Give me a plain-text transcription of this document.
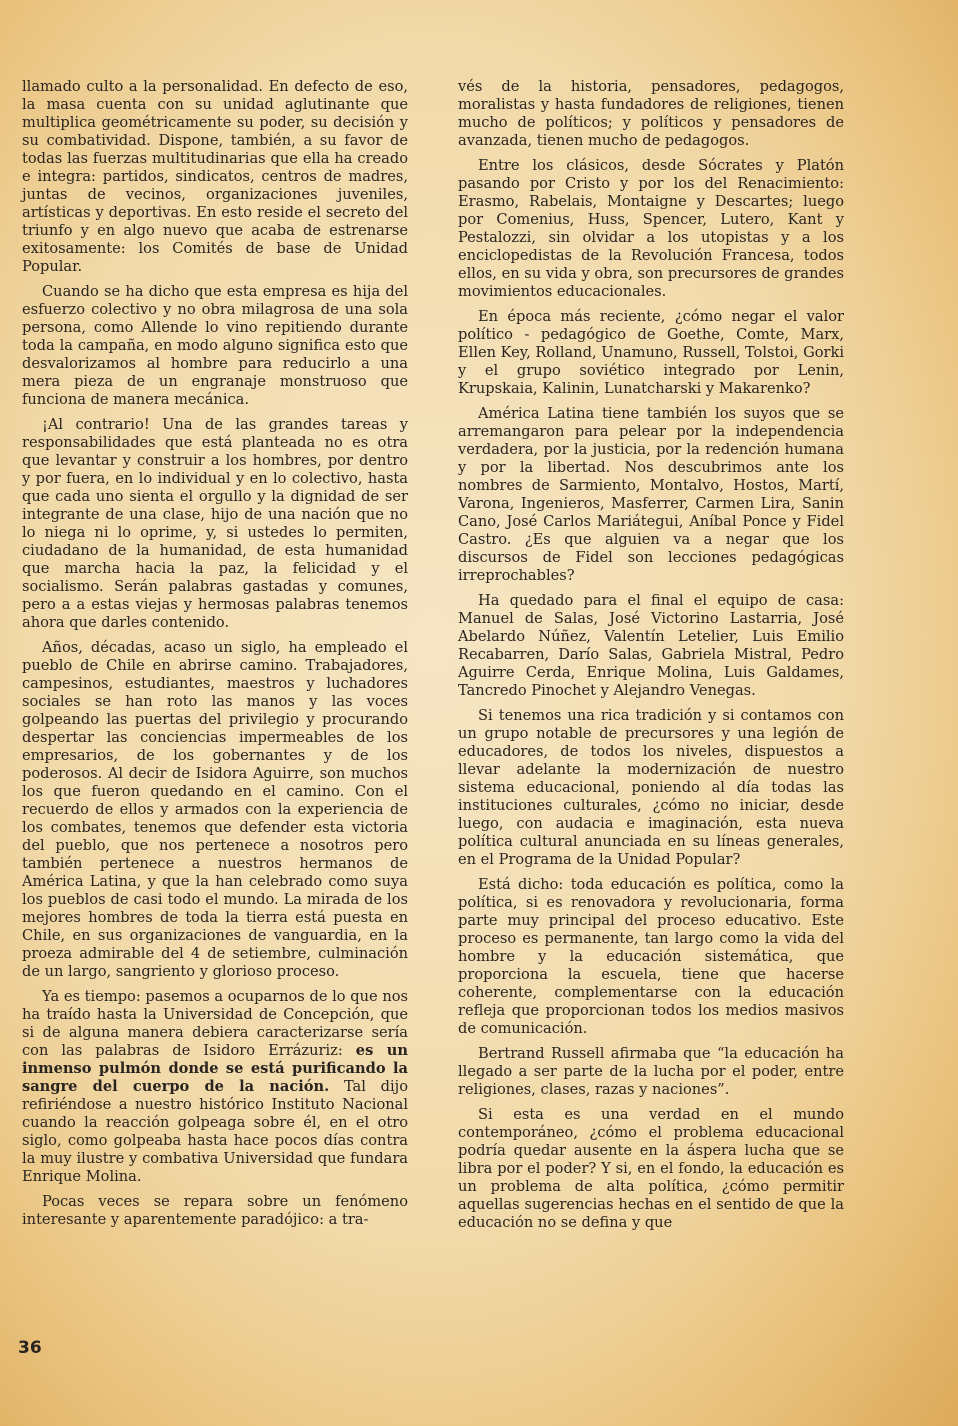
llamado culto a la personalidad. En defecto de eso, la masa cuenta con su unidad aglutinante que multiplica geométricamente su poder, su decisión y su combatividad. Dispone, también, a su favor de todas las fuerzas multitudinarias que ella ha creado e integra: partidos, sindicatos, centros de madres, juntas de vecinos, organizaciones juveniles, artísticas y deportivas. En esto reside el secreto del triunfo y en algo nuevo que acaba de estrenarse exitosamente: los Comités de base de Unidad Popular.

Cuando se ha dicho que esta empresa es hija del esfuerzo colectivo y no obra milagrosa de una sola persona, como Allende lo vino repitiendo durante toda la campaña, en modo alguno significa esto que desvalorizamos al hombre para reducirlo a una mera pieza de un engranaje monstruoso que funciona de manera mecánica.

¡Al contrario! Una de las grandes tareas y responsabilidades que está planteada no es otra que levantar y construir a los hombres, por dentro y por fuera, en lo individual y en lo colectivo, hasta que cada uno sienta el orgullo y la dignidad de ser integrante de una clase, hijo de una nación que no lo niega ni lo oprime, y, si ustedes lo permiten, ciudadano de la humanidad, de esta humanidad que marcha hacia la paz, la felicidad y el socialismo. Serán palabras gastadas y comunes, pero a a estas viejas y hermosas palabras tenemos ahora que darles contenido.

Años, décadas, acaso un siglo, ha empleado el pueblo de Chile en abrirse camino. Trabajadores, campesinos, estudiantes, maestros y luchadores sociales se han roto las manos y las voces golpeando las puertas del privilegio y procurando despertar las conciencias impermeables de los empresarios, de los gobernantes y de los poderosos. Al decir de Isidora Aguirre, son muchos los que fueron quedando en el camino. Con el recuerdo de ellos y armados con la experiencia de los combates, tenemos que defender esta victoria del pueblo, que nos pertenece a nosotros pero también pertenece a nuestros hermanos de América Latina, y que la han celebrado como suya los pueblos de casi todo el mundo. La mirada de los mejores hombres de toda la tierra está puesta en Chile, en sus organizaciones de vanguardia, en la proeza admirable del 4 de setiembre, culminación de un largo, sangriento y glorioso proceso.

Ya es tiempo: pasemos a ocuparnos de lo que nos ha traído hasta la Universidad de Concepción, que si de alguna manera debiera caracterizarse sería con las palabras de Isidoro Errázuriz: es un inmenso pulmón donde se está purificando la sangre del cuerpo de la nación. Tal dijo refiriéndose a nuestro histórico Instituto Nacional cuando la reacción golpeaga sobre él, en el otro siglo, como golpeaba hasta hace pocos días contra la muy ilustre y combativa Universidad que fundara Enrique Molina.

Pocas veces se repara sobre un fenómeno interesante y aparentemente paradójico: a tra-

vés de la historia, pensadores, pedagogos, moralistas y hasta fundadores de religiones, tienen mucho de políticos; y políticos y pensadores de avanzada, tienen mucho de pedagogos.

Entre los clásicos, desde Sócrates y Platón pasando por Cristo y por los del Renacimiento: Erasmo, Rabelais, Montaigne y Descartes; luego por Comenius, Huss, Spencer, Lutero, Kant y Pestalozzi, sin olvidar a los utopistas y a los enciclopedistas de la Revolución Francesa, todos ellos, en su vida y obra, son precursores de grandes movimientos educacionales.

En época más reciente, ¿cómo negar el valor político - pedagógico de Goethe, Comte, Marx, Ellen Key, Rolland, Unamuno, Russell, Tolstoi, Gorki y el grupo soviético integrado por Lenin, Krupskaia, Kalinin, Lunatcharski y Makarenko?

América Latina tiene también los suyos que se arremangaron para pelear por la independencia verdadera, por la justicia, por la redención humana y por la libertad. Nos descubrimos ante los nombres de Sarmiento, Montalvo, Hostos, Martí, Varona, Ingenieros, Masferrer, Carmen Lira, Sanin Cano, José Carlos Mariátegui, Aníbal Ponce y Fidel Castro. ¿Es que alguien va a negar que los discursos de Fidel son lecciones pedagógicas irreprochables?

Ha quedado para el final el equipo de casa: Manuel de Salas, José Victorino Lastarria, José Abelardo Núñez, Valentín Letelier, Luis Emilio Recabarren, Darío Salas, Gabriela Mistral, Pedro Aguirre Cerda, Enrique Molina, Luis Galdames, Tancredo Pinochet y Alejandro Venegas.

Si tenemos una rica tradición y si contamos con un grupo notable de precursores y una legión de educadores, de todos los niveles, dispuestos a llevar adelante la modernización de nuestro sistema educacional, poniendo al día todas las instituciones culturales, ¿cómo no iniciar, desde luego, con audacia e imaginación, esta nueva política cultural anunciada en su líneas generales, en el Programa de la Unidad Popular?

Está dicho: toda educación es política, como la política, si es renovadora y revolucionaria, forma parte muy principal del proceso educativo. Este proceso es permanente, tan largo como la vida del hombre y la educación sistemática, que proporciona la escuela, tiene que hacerse coherente, complementarse con la educación refleja que proporcionan todos los medios masivos de comunicación.

Bertrand Russell afirmaba que “la educación ha llegado a ser parte de la lucha por el poder, entre religiones, clases, razas y naciones”.

Si esta es una verdad en el mundo contemporáneo, ¿cómo el problema educacional podría quedar ausente en la áspera lucha que se libra por el poder? Y si, en el fondo, la educación es un problema de alta política, ¿cómo permitir aquellas sugerencias hechas en el sentido de que la educación no se defina y que

36
